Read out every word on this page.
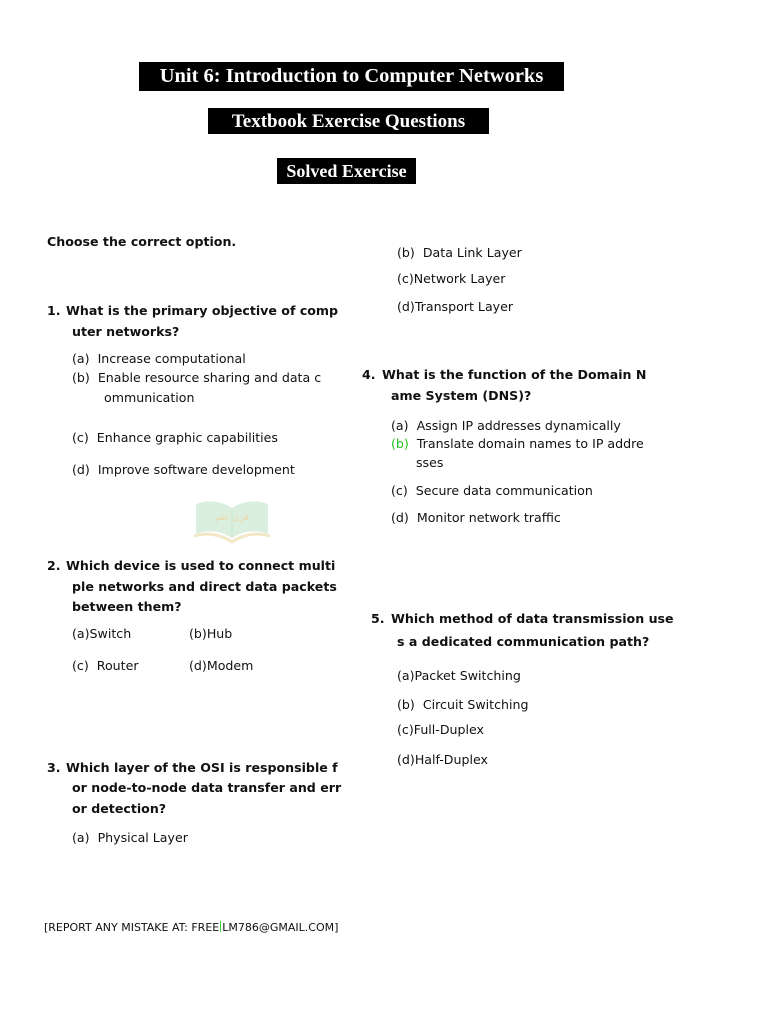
Unit 6: Introduction to Computer Networks
Textbook Exercise Questions
Solved Exercise
Choose the correct option.
1. What is the primary objective of comp
uter networks?
(a) Increase computational
(b) Enable resource sharing and data c
ommunication
(c) Enhance graphic capabilities
(d) Improve software development
فری علم
2. Which device is used to connect multi
ple networks and direct data packets
between them?
(a)Switch	(b)Hub
(c) Router	(d)Modem
3. Which layer of the OSI is responsible f
or node-to-node data transfer and err
or detection?
(a) Physical Layer
(b) Data Link Layer
(c)Network Layer
(d)Transport Layer
4. What is the function of the Domain N
ame System (DNS)?
(a) Assign IP addresses dynamically
(b) Translate domain names to IP addre
sses
(c) Secure data communication
(d) Monitor network traffic
5. Which method of data transmission use
s a dedicated communication path?
(a)Packet Switching
(b) Circuit Switching
(c)Full-Duplex
(d)Half-Duplex
[REPORT ANY MISTAKE AT: FREE LM786@GMAIL.COM]
